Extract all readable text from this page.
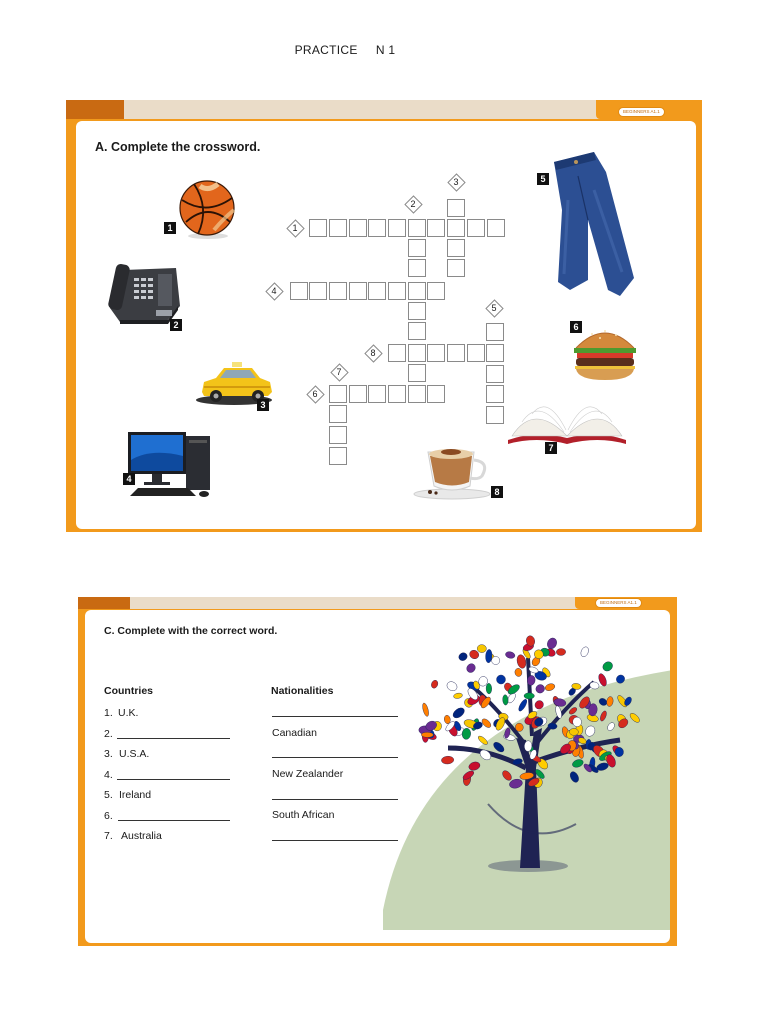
PRACTICE     N 1
BEGINNERS A1.1
A. Complete the crossword.
1
2
3
4
5
6
7
8
1
2
3
4
5
6
7
8
BEGINNERS A1.1
C. Complete with the correct word.
Countries	Nationalities
1. U.K.
2.
3. U.S.A.
4.
5. Ireland
6.
7. Australia
Canadian
New Zealander
South African
